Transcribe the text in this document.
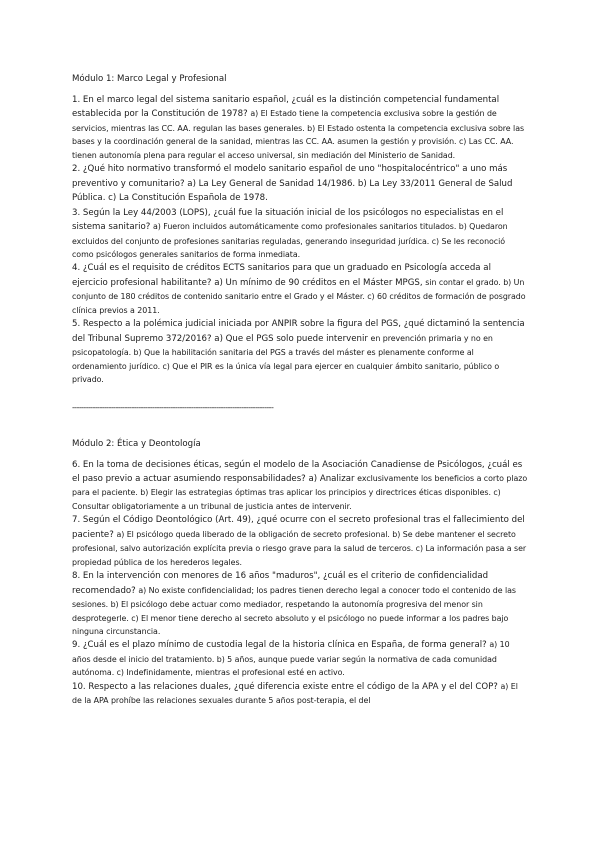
Módulo 1: Marco Legal y Profesional

1. En el marco legal del sistema sanitario español, ¿cuál es la distinción competencial fundamental establecida por la Constitución de 1978? a) El Estado tiene la competencia exclusiva sobre la gestión de servicios, mientras las CC. AA. regulan las bases generales. b) El Estado ostenta la competencia exclusiva sobre las bases y la coordinación general de la sanidad, mientras las CC. AA. asumen la gestión y provisión. c) Las CC. AA. tienen autonomía plena para regular el acceso universal, sin mediación del Ministerio de Sanidad.

2. ¿Qué hito normativo transformó el modelo sanitario español de uno "hospitalocéntrico" a uno más preventivo y comunitario? a) La Ley General de Sanidad 14/1986. b) La Ley 33/2011 General de Salud Pública. c) La Constitución Española de 1978.

3. Según la Ley 44/2003 (LOPS), ¿cuál fue la situación inicial de los psicólogos no especialistas en el sistema sanitario? a) Fueron incluidos automáticamente como profesionales sanitarios titulados. b) Quedaron excluidos del conjunto de profesiones sanitarias reguladas, generando inseguridad jurídica. c) Se les reconoció como psicólogos generales sanitarios de forma inmediata.

4. ¿Cuál es el requisito de créditos ECTS sanitarios para que un graduado en Psicología acceda al ejercicio profesional habilitante? a) Un mínimo de 90 créditos en el Máster MPGS, sin contar el grado. b) Un conjunto de 180 créditos de contenido sanitario entre el Grado y el Máster. c) 60 créditos de formación de posgrado clínica previos a 2011.

5. Respecto a la polémica judicial iniciada por ANPIR sobre la figura del PGS, ¿qué dictaminó la sentencia del Tribunal Supremo 372/2016? a) Que el PGS solo puede intervenir en prevención primaria y no en psicopatología. b) Que la habilitación sanitaria del PGS a través del máster es plenamente conforme al ordenamiento jurídico. c) Que el PIR es la única vía legal para ejercer en cualquier ámbito sanitario, público o privado.

----------------------------------------------------------------------------------------

Módulo 2: Ética y Deontología

6. En la toma de decisiones éticas, según el modelo de la Asociación Canadiense de Psicólogos, ¿cuál es el paso previo a actuar asumiendo responsabilidades? a) Analizar exclusivamente los beneficios a corto plazo para el paciente. b) Elegir las estrategias óptimas tras aplicar los principios y directrices éticas disponibles. c) Consultar obligatoriamente a un tribunal de justicia antes de intervenir.

7. Según el Código Deontológico (Art. 49), ¿qué ocurre con el secreto profesional tras el fallecimiento del paciente? a) El psicólogo queda liberado de la obligación de secreto profesional. b) Se debe mantener el secreto profesional, salvo autorización explícita previa o riesgo grave para la salud de terceros. c) La información pasa a ser propiedad pública de los herederos legales.

8. En la intervención con menores de 16 años "maduros", ¿cuál es el criterio de confidencialidad recomendado? a) No existe confidencialidad; los padres tienen derecho legal a conocer todo el contenido de las sesiones. b) El psicólogo debe actuar como mediador, respetando la autonomía progresiva del menor sin desprotegerle. c) El menor tiene derecho al secreto absoluto y el psicólogo no puede informar a los padres bajo ninguna circunstancia.

9. ¿Cuál es el plazo mínimo de custodia legal de la historia clínica en España, de forma general? a) 10 años desde el inicio del tratamiento. b) 5 años, aunque puede variar según la normativa de cada comunidad autónoma. c) Indefinidamente, mientras el profesional esté en activo.

10. Respecto a las relaciones duales, ¿qué diferencia existe entre el código de la APA y el del COP? a) El de la APA prohíbe las relaciones sexuales durante 5 años post-terapia, el del
